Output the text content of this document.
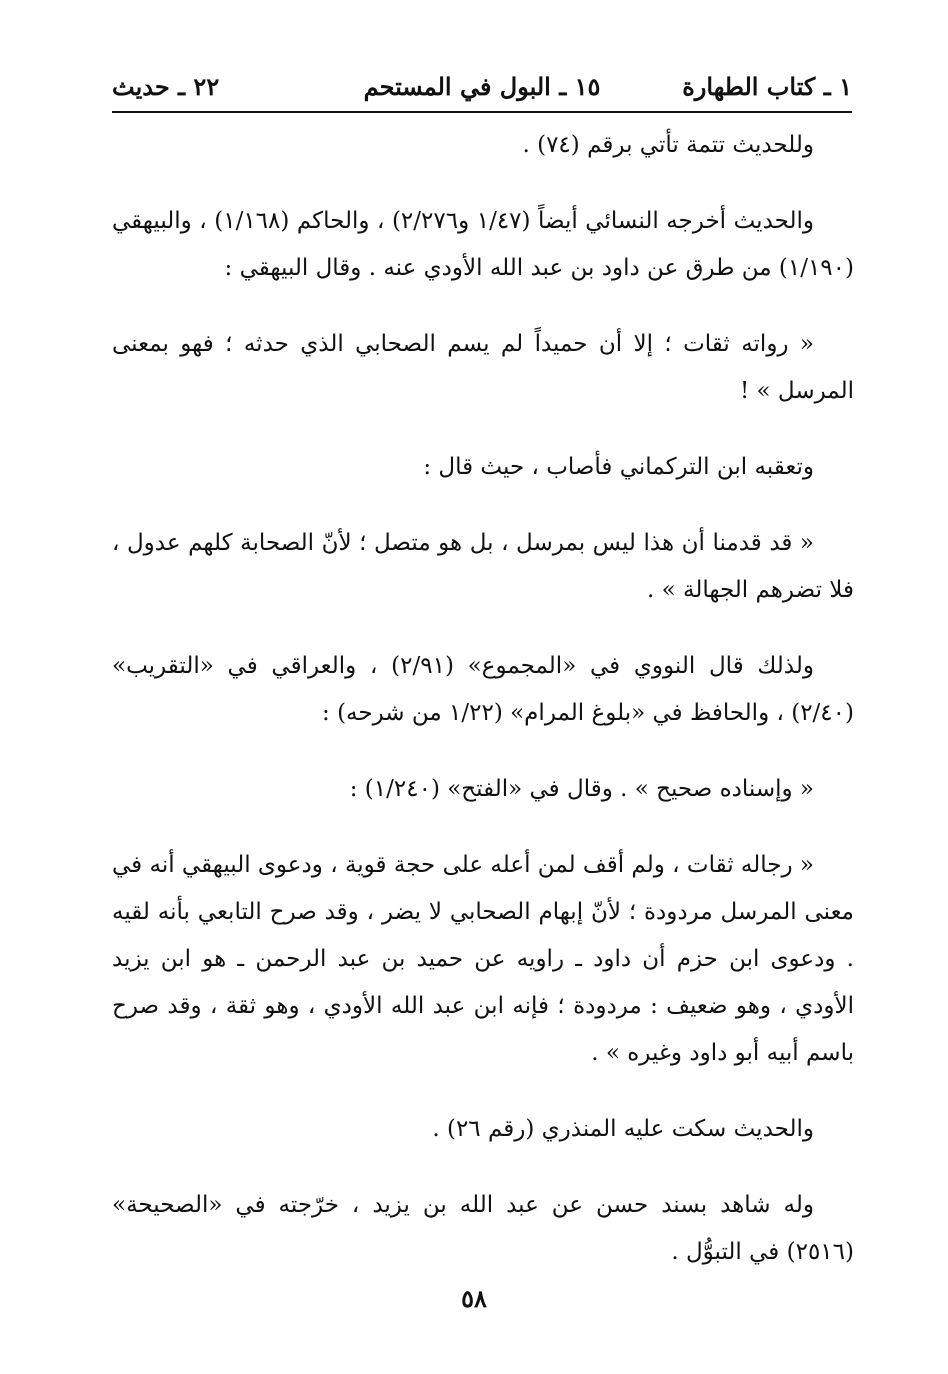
١ ـ كتاب الطهارة
١٥ ـ البول في المستحم
٢٢ ـ حديث

وللحديث تتمة تأتي برقم (٧٤) .

والحديث أخرجه النسائي أيضاً (١/٤٧ و٢/٢٧٦) ، والحاكم (١/١٦٨) ، والبيهقي (١/١٩٠) من طرق عن داود بن عبد الله الأودي عنه . وقال البيهقي :

« رواته ثقات ؛ إلا أن حميداً لم يسم الصحابي الذي حدثه ؛ فهو بمعنى المرسل » !

وتعقبه ابن التركماني فأصاب ، حيث قال :

« قد قدمنا أن هذا ليس بمرسل ، بل هو متصل ؛ لأنّ الصحابة كلهم عدول ، فلا تضرهم الجهالة » .

ولذلك قال النووي في «المجموع» (٢/٩١) ، والعراقي في «التقريب» (٢/٤٠) ، والحافظ في «بلوغ المرام» (١/٢٢ من شرحه) :

« وإسناده صحيح » . وقال في «الفتح» (١/٢٤٠) :

« رجاله ثقات ، ولم أقف لمن أعله على حجة قوية ، ودعوى البيهقي أنه في معنى المرسل مردودة ؛ لأنّ إبهام الصحابي لا يضر ، وقد صرح التابعي بأنه لقيه . ودعوى ابن حزم أن داود ـ راويه عن حميد بن عبد الرحمن ـ هو ابن يزيد الأودي ، وهو ضعيف : مردودة ؛ فإنه ابن عبد الله الأودي ، وهو ثقة ، وقد صرح باسم أبيه أبو داود وغيره » .

والحديث سكت عليه المنذري (رقم ٢٦) .

وله شاهد بسند حسن عن عبد الله بن يزيد ، خرّجته في «الصحيحة» (٢٥١٦) في التبوُّل .

٥٨
